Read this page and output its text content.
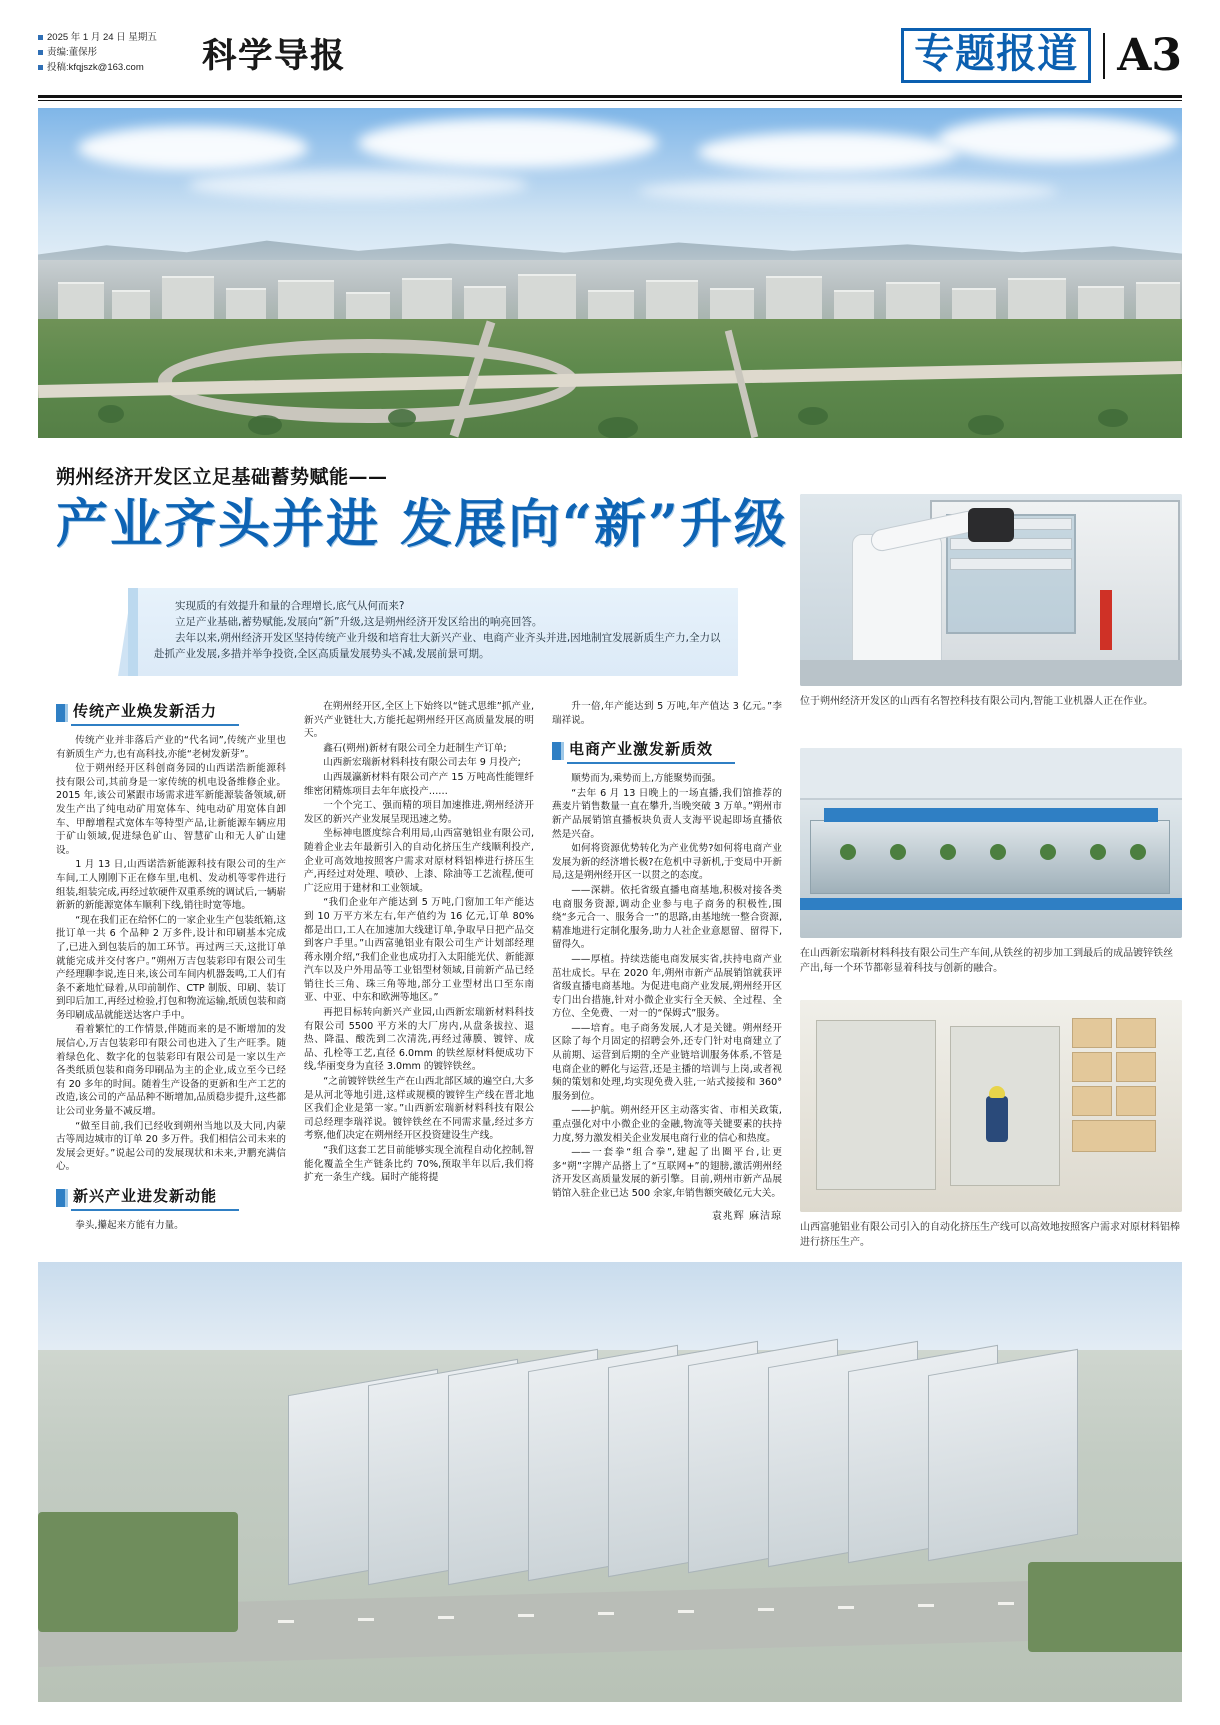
2025 年 1 月 24 日 星期五
责编:董保彤
投稿:kfqjszk@163.com	科学导报	专题报道 A3
朔州经济开发区立足基础蓄势赋能——
产业齐头并进 发展向“新”升级

实现质的有效提升和量的合理增长,底气从何而来?

立足产业基础,蓄势赋能,发展向“新”升级,这是朔州经济开发区给出的响亮回答。

去年以来,朔州经济开发区坚持传统产业升级和培育壮大新兴产业、电商产业齐头并进,因地制宜发展新质生产力,全力以赴抓产业发展,多措并举争投资,全区高质量发展势头不减,发展前景可期。

位于朔州经济开发区的山西有名智控科技有限公司内,智能工业机器人正在作业。
在山西新宏瑞新材料科技有限公司生产车间,从铁丝的初步加工到最后的成品镀锌铁丝产出,每一个环节都彰显着科技与创新的融合。
山西富驰铝业有限公司引入的自动化挤压生产线可以高效地按照客户需求对原材料铝棒进行挤压生产。
传统产业焕发新活力

传统产业并非落后产业的“代名词”,传统产业里也有新质生产力,也有高科技,亦能“老树发新芽”。

位于朔州经开区科创商务园的山西诺浩新能源科技有限公司,其前身是一家传统的机电设备维修企业。2015 年,该公司紧跟市场需求进军新能源装备领域,研发生产出了纯电动矿用宽体车、纯电动矿用宽体自卸车、甲醇增程式宽体车等特型产品,让新能源车辆应用于矿山领域,促进绿色矿山、智慧矿山和无人矿山建设。

1 月 13 日,山西诺浩新能源科技有限公司的生产车间,工人刚刚下正在修车里,电机、发动机等零件进行组装,组装完成,再经过软硬件双重系统的调试后,一辆崭新新的新能源宽体车顺利下线,销往时宽等地。

“现在我们正在给怀仁的一家企业生产包装纸箱,这批订单一共 6 个品种 2 万多件,设计和印刷基本完成了,已进入到包装后的加工环节。再过两三天,这批订单就能完成并交付客户。”朔州万吉包装彩印有限公司生产经理聊李说,连日来,该公司车间内机器轰鸣,工人们有条不紊地忙碌着,从印前制作、CTP 制版、印刷、装订到印后加工,再经过检验,打包和物流运输,纸质包装和商务印刷成品就能送达客户手中。

看着繁忙的工作情景,伴随而来的是不断增加的发展信心,万吉包装彩印有限公司也进入了生产旺季。随着绿色化、数字化的包装彩印有限公司是一家以生产各类纸质包装和商务印刷品为主的企业,成立至今已经有 20 多年的时间。随着生产设备的更新和生产工艺的改造,该公司的产品品种不断增加,品质稳步提升,这些都让公司业务量不减反增。

“做至目前,我们已经收到朔州当地以及大同,内蒙古等周边城市的订单 20 多万件。我们相信公司未来的发展会更好。”说起公司的发展现状和未来,尹鹏充满信心。

新兴产业进发新动能

拳头,攥起来方能有力量。

在朔州经开区,全区上下始终以“链式思维”抓产业,新兴产业链壮大,方能托起朔州经开区高质量发展的明天。

鑫石(朔州)新材有限公司全力赶制生产订单;

山西新宏瑞新材料科技有限公司去年 9 月投产;

山西晟瀛新材料有限公司产产 15 万吨高性能锂纤维密闭精炼项目去年年底投产……

一个个完工、强而精的项目加速推进,朔州经济开发区的新兴产业发展呈现迅速之势。

坐标神电匮度综合利用局,山西富驰铝业有限公司,随着企业去年最新引入的自动化挤压生产线顺利投产,企业可高效地按照客户需求对原材料铝棒进行挤压生产,再经过对处理、喷砂、上漆、除油等工艺流程,便可广泛应用于建材和工业领域。

“我们企业年产能达到 5 万吨,门窗加工年产能达到 10 万平方米左右,年产值约为 16 亿元,订单 80% 都是出口,工人在加速加大线建订单,争取早日把产品交到客户手里。”山西富驰铝业有限公司生产计划部经理蒋永刚介绍,“我们企业也成功打入太阳能光伏、新能源汽车以及户外用品等工业铝型材领域,目前新产品已经销往长三角、珠三角等地,部分工业型材出口至东南亚、中亚、中东和欧洲等地区。”

再把目标转向新兴产业园,山西新宏瑞新材料科技有限公司 5500 平方米的大厂房内,从盘条拔拉、退热、降温、酸洗到二次清洗,再经过薄膜、镀锌、成品、孔栓等工艺,直径 6.0mm 的铁丝原材料便成功下线,华丽变身为直径 3.0mm 的镀锌铁丝。

“之前镀锌铁丝生产在山西北部区域的遍空白,大多是从河北等地引进,这样或规模的镀锌生产线在晋北地区我们企业是第一家。”山西新宏瑞新材料科技有限公司总经理李瑞祥说。镀锌铁丝在不同需求量,经过多方考察,他们决定在朔州经开区投资建设生产线。

“我们这套工艺目前能够实现全流程自动化控制,智能化覆盖全生产链条比约 70%,预取半年以后,我们将扩充一条生产线。届时产能将提

升一倍,年产能达到 5 万吨,年产值达 3 亿元。”李瑞祥说。

电商产业激发新质效

顺势而为,乘势而上,方能聚势而强。

“去年 6 月 13 日晚上的一场直播,我们馆推荐的燕麦片销售数量一直在攀升,当晚突破 3 万单。”朔州市新产品展销馆直播板块负责人支海平说起即场直播依然是兴奋。

如何将资源优势转化为产业优势?如何将电商产业发展为新的经济增长极?在危机中寻新机,于变局中开新局,这是朔州经开区一以贯之的态度。

——深耕。依托省级直播电商基地,积极对接各类电商服务资源,调动企业参与电子商务的积极性,围绕“多元合一、服务合一”的思路,由基地统一整合资源,精准地进行定制化服务,助力人社企业意愿留、留得下,留得久。

——厚植。持续迭能电商发展实省,扶持电商产业茁壮成长。早在 2020 年,朔州市新产品展销馆就获评省级直播电商基地。为促进电商产业发展,朔州经开区专门出台措施,针对小微企业实行全天候、全过程、全方位、全免费、一对一的“保姆式”服务。

——培育。电子商务发展,人才是关键。朔州经开区除了每个月固定的招聘会外,还专门针对电商建立了从前期、运营到后期的全产业链培训服务体系,不管是电商企业的孵化与运营,还是主播的培训与上岗,或者视频的策划和处理,均实现免费入驻,一站式接接和 360°服务到位。

——护航。朔州经开区主动落实省、市相关政策,重点强化对中小微企业的金融,物流等关键要素的扶持力度,努力激发相关企业发展电商行业的信心和热度。

——一套拳“组合拳”,建起了出圈平台,让更多“朔”字牌产品搭上了“互联网+”的翅膀,激活朔州经济开发区高质量发展的新引擎。目前,朔州市新产品展销馆入驻企业已达 500 余家,年销售额突破亿元大关。

袁兆辉 麻洁琼
